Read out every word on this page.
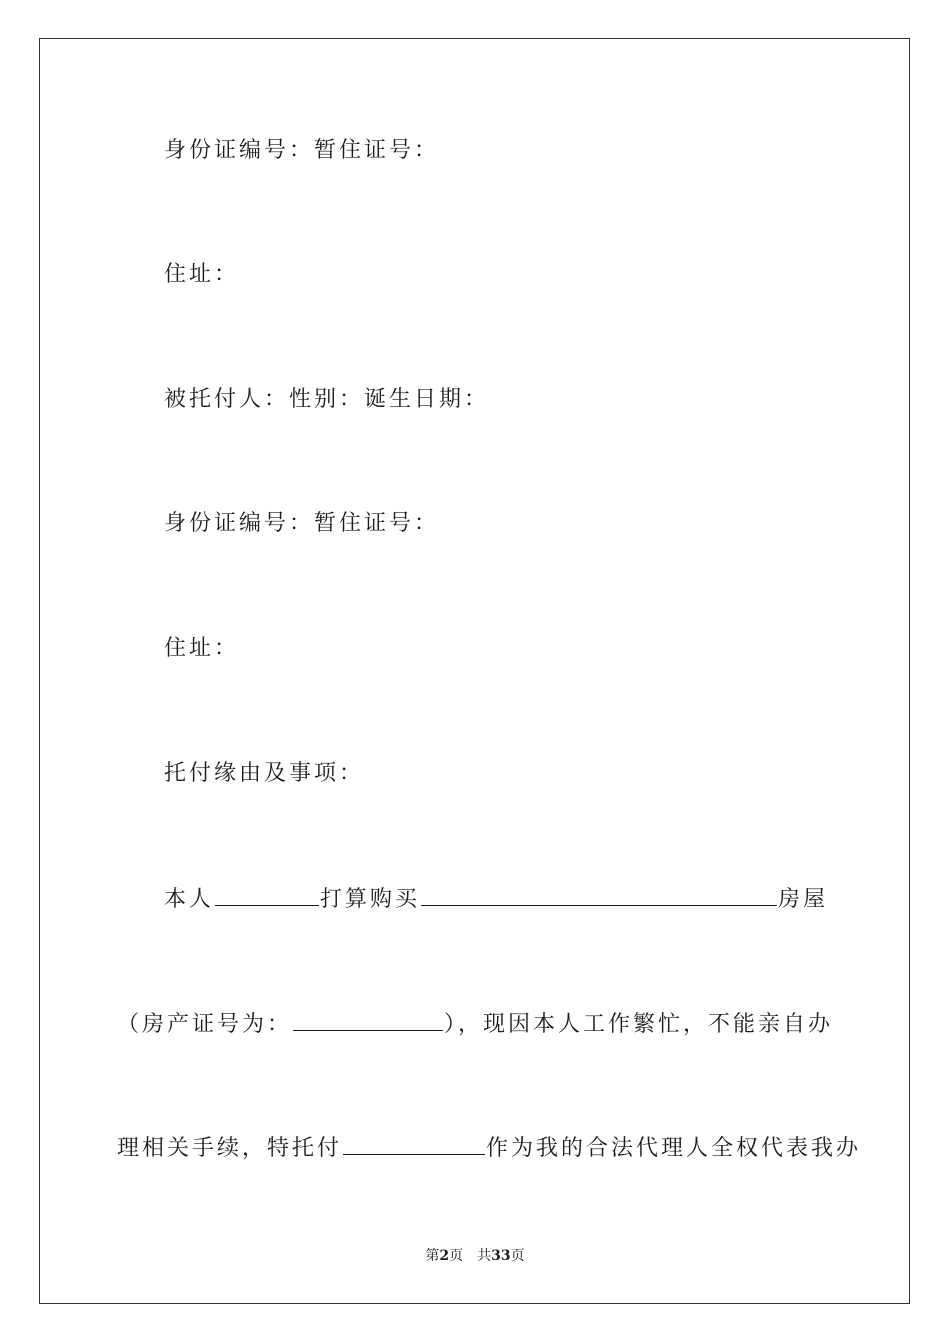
身份证编号：暂住证号：
住址：
被托付人：性别：诞生日期：
身份证编号：暂住证号：
住址：
托付缘由及事项：
本人	打算购买	房屋
（房产证号为：	），现因本人工作繁忙，不能亲自办
理相关手续，特托付	作为我的合法代理人全权代表我办
第2页　共33页
